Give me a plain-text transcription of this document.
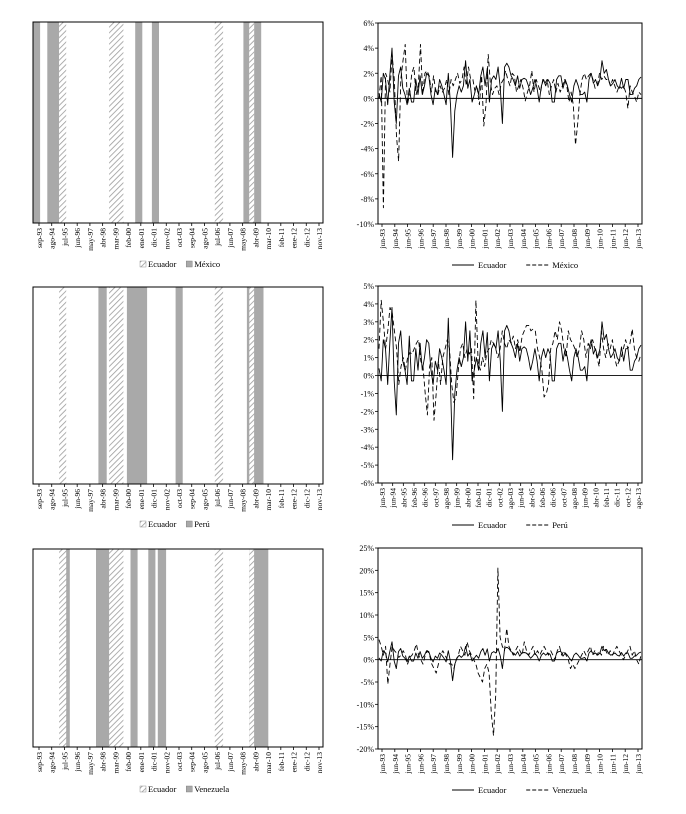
sep-93 ago-94 jul-95 jun-96 may-97 abr-98 mar-99 feb-00 ene-01 dic-01 nov-02 oct-03 sep-04 ago-05 jul-06 jun-07 may-08 abr-09 mar-10 feb-11 ene-12 dic-12 nov-13
Ecuador México
-10%
-8%
-6%
-4%
-2%
0%
2%
4%
6%
jun-93 jun-94 jun-95 jun-96 jun-97 jun-98 jun-99 jun-00 jun-01 jun-02 jun-03 jun-04 jun-05 jun-06 jun-07 jun-08 jun-09 jun-10 jun-11 jun-12 jun-13
Ecuador	México
sep-93 ago-94 jul-95 jun-96 may-97 abr-98 mar-99 feb-00 ene-01 dic-01 nov-02 oct-03 sep-04 ago-05 jul-06 jun-07 may-08 abr-09 mar-10 feb-11 ene-12 dic-12 nov-13
Ecuador Perú
-6%
-5%
-4%
-3%
-2%
-1%
0%
1%
2%
3%
4%
5%
jun-93 jun-94 abr-95 feb-96 dic-96 oct-97 ago-98 jun-99 abr-00 feb-01 dic-01 oct-02 ago-03 jun-04 abr-05 feb-06 dic-06 oct-07 ago-08 jun-09 abr-10 feb-11 dic-11 oct-12 ago-13
Ecuador	Perú
sep-93 ago-94 jul-95 jun-96 may-97 abr-98 mar-99 feb-00 ene-01 dic-01 nov-02 oct-03 sep-04 ago-05 jul-06 jun-07 may-08 abr-09 mar-10 feb-11 ene-12 dic-12 nov-13
Ecuador Venezuela
-20%
-15%
-10%
-5%
0%
5%
10%
15%
20%
25%
jun-93 jun-94 jun-95 jun-96 jun-97 jun-98 jun-99 jun-00 jun-01 jun-02 jun-03 jun-04 jun-05 jun-06 jun-07 jun-08 jun-09 jun-10 jun-11 jun-12 jun-13
Ecuador	Venezuela
